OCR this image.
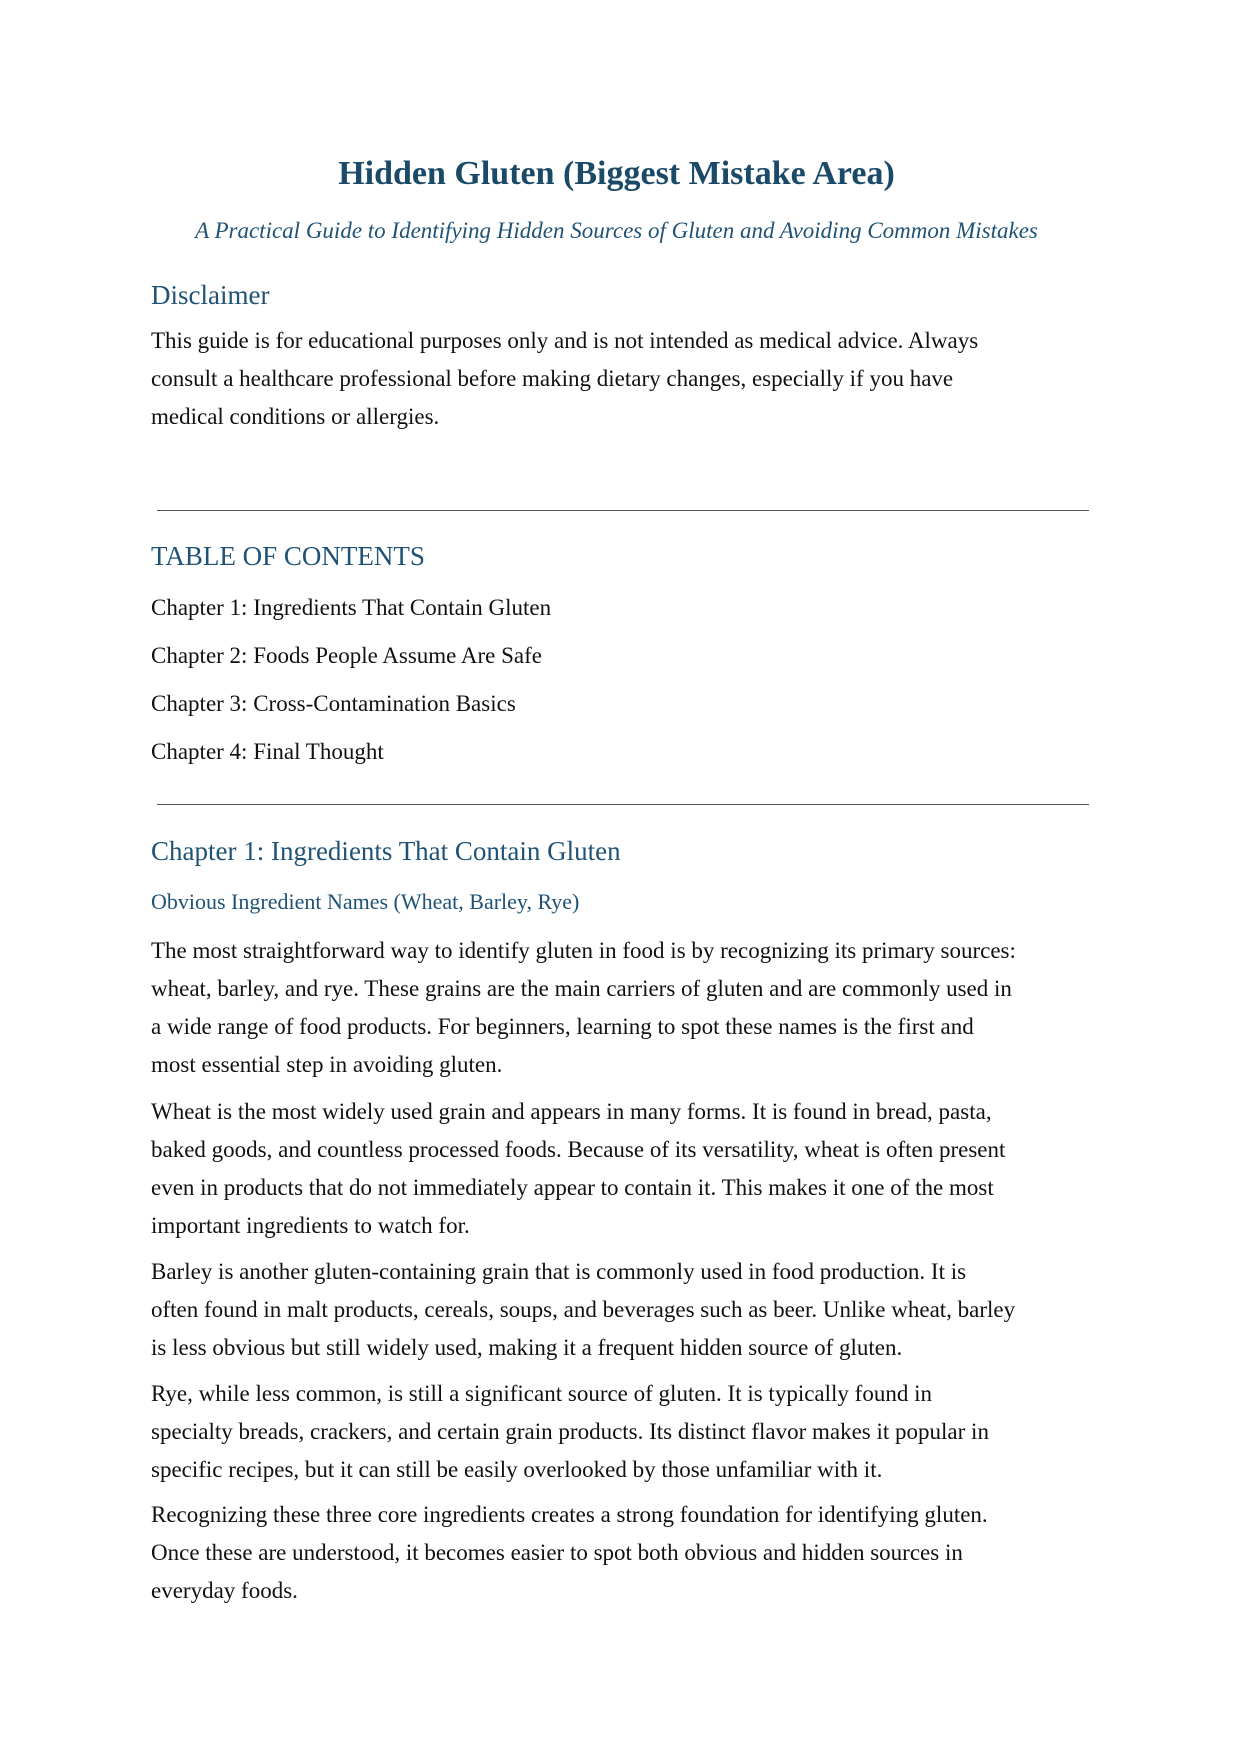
Hidden Gluten (Biggest Mistake Area)

A Practical Guide to Identifying Hidden Sources of Gluten and Avoiding Common Mistakes

Disclaimer
This guide is for educational purposes only and is not intended as medical advice. Always
consult a healthcare professional before making dietary changes, especially if you have
medical conditions or allergies.
TABLE OF CONTENTS

Chapter 1: Ingredients That Contain Gluten

Chapter 2: Foods People Assume Are Safe

Chapter 3: Cross-Contamination Basics

Chapter 4: Final Thought

Chapter 1: Ingredients That Contain Gluten
Obvious Ingredient Names (Wheat, Barley, Rye)
The most straightforward way to identify gluten in food is by recognizing its primary sources:
wheat, barley, and rye. These grains are the main carriers of gluten and are commonly used in
a wide range of food products. For beginners, learning to spot these names is the first and
most essential step in avoiding gluten.
Wheat is the most widely used grain and appears in many forms. It is found in bread, pasta,
baked goods, and countless processed foods. Because of its versatility, wheat is often present
even in products that do not immediately appear to contain it. This makes it one of the most
important ingredients to watch for.
Barley is another gluten-containing grain that is commonly used in food production. It is
often found in malt products, cereals, soups, and beverages such as beer. Unlike wheat, barley
is less obvious but still widely used, making it a frequent hidden source of gluten.
Rye, while less common, is still a significant source of gluten. It is typically found in
specialty breads, crackers, and certain grain products. Its distinct flavor makes it popular in
specific recipes, but it can still be easily overlooked by those unfamiliar with it.
Recognizing these three core ingredients creates a strong foundation for identifying gluten.
Once these are understood, it becomes easier to spot both obvious and hidden sources in
everyday foods.
